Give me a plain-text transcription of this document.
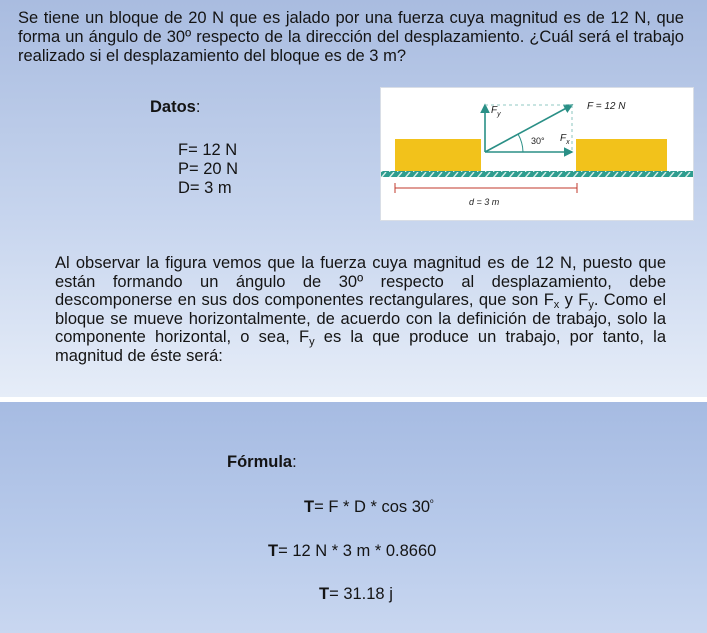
Se tiene un bloque de 20 N que es jalado por una fuerza cuya magnitud es de 12 N, que forma un ángulo de 30º respecto de la dirección del desplazamiento. ¿Cuál será el trabajo realizado si el desplazamiento del bloque es de 3 m?

Datos:
F= 12 N
P= 20 N
D= 3 m
$F_y$
F = 12 N
30° $F_x$
d = 3 m

Al observar la figura vemos que la fuerza cuya magnitud es de 12 N, puesto que están formando un ángulo de 30º respecto al desplazamiento, debe descomponerse en sus dos componentes rectangulares, que son $F_x$ y $F_y$. Como el bloque se mueve horizontalmente, de acuerdo con la definición de trabajo, solo la componente horizontal, o sea, $F_y$ es la que produce un trabajo, por tanto, la magnitud de éste será:

Fórmula:
$T= F * D * \cos 30^º$
T= 12 N * 3 m * 0.8660
T= 31.18 j
